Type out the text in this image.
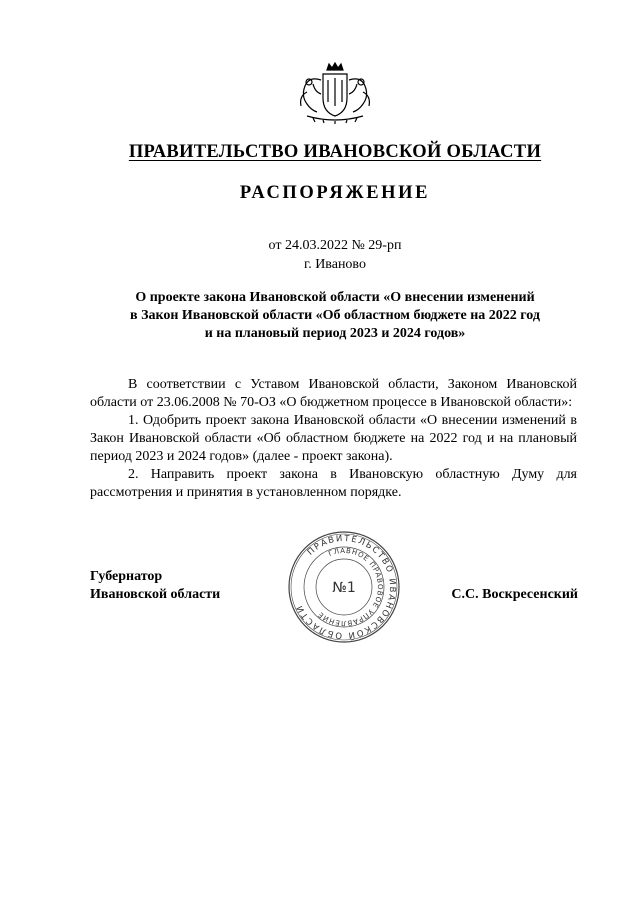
ПРАВИТЕЛЬСТВО ИВАНОВСКОЙ ОБЛАСТИ
РАСПОРЯЖЕНИЕ
от 24.03.2022 № 29-рп
г. Иваново
О проекте закона Ивановской области «О внесении изменений
в Закон Ивановской области «Об областном бюджете на 2022 год
и на плановый период 2023 и 2024 годов»

В соответствии с Уставом Ивановской области, Законом Ивановской области от 23.06.2008 № 70-ОЗ «О бюджетном процессе в Ивановской области»:

1. Одобрить проект закона Ивановской области «О внесении изменений в Закон Ивановской области «Об областном бюджете на 2022 год и на плановый период 2023 и 2024 годов» (далее - проект закона).

2. Направить проект закона в Ивановскую областную Думу для рассмотрения и принятия в установленном порядке.

Губернатор
Ивановской области
ПРАВИТЕЛЬСТВО ИВАНОВСКОЙ ОБЛАСТИ
ГЛАВНОЕ ПРАВОВОЕ УПРАВЛЕНИЕ
№1	С.С. Воскресенский
